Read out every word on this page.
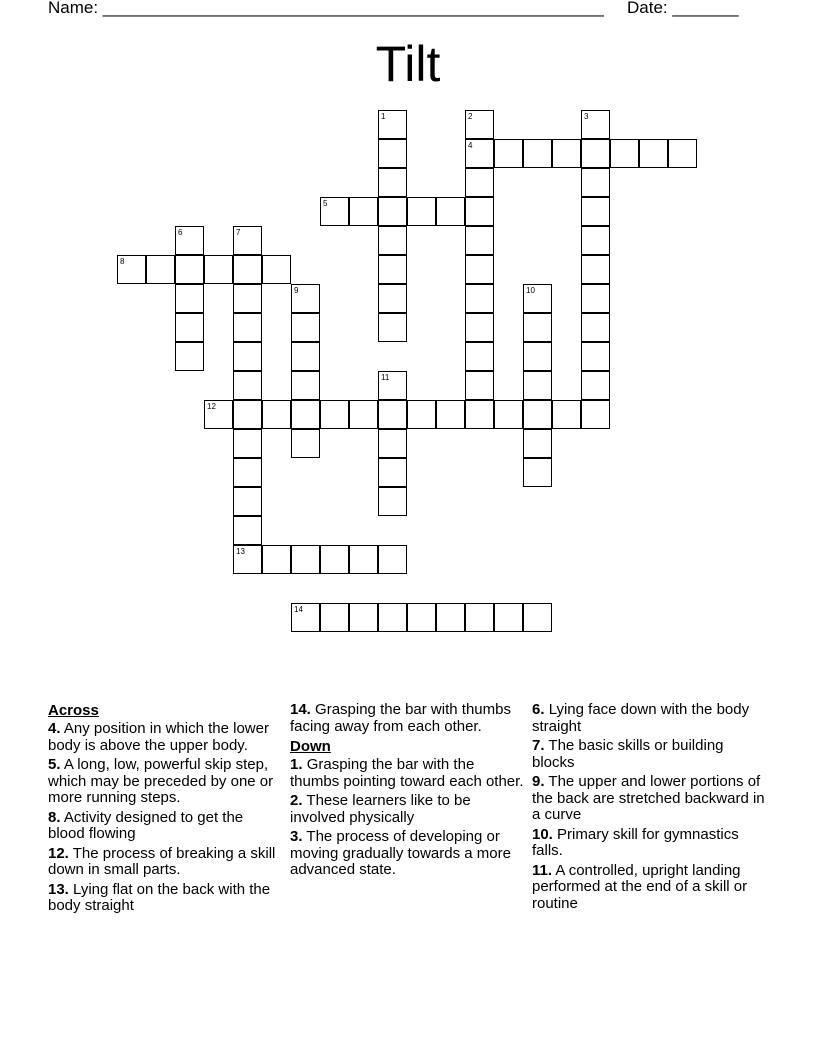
Name: _____________________________________________________ Date: _______
Tilt
4
5
8
12
13
14
1	2	3
6	7
9	10
11
Across
4. Any position in which the lower body is above the upper body.
5. A long, low, powerful skip step, which may be preceded by one or more running steps.
8. Activity designed to get the blood flowing
12. The process of breaking a skill down in small parts.
13. Lying flat on the back with the body straight
14. Grasping the bar with thumbs facing away from each other.
Down
1. Grasping the bar with the thumbs pointing toward each other.
2. These learners like to be involved physically
3. The process of developing or moving gradually towards a more advanced state.
6. Lying face down with the body straight
7. The basic skills or building blocks
9. The upper and lower portions of the back are stretched backward in a curve
10. Primary skill for gymnastics falls.
11. A controlled, upright landing performed at the end of a skill or routine
